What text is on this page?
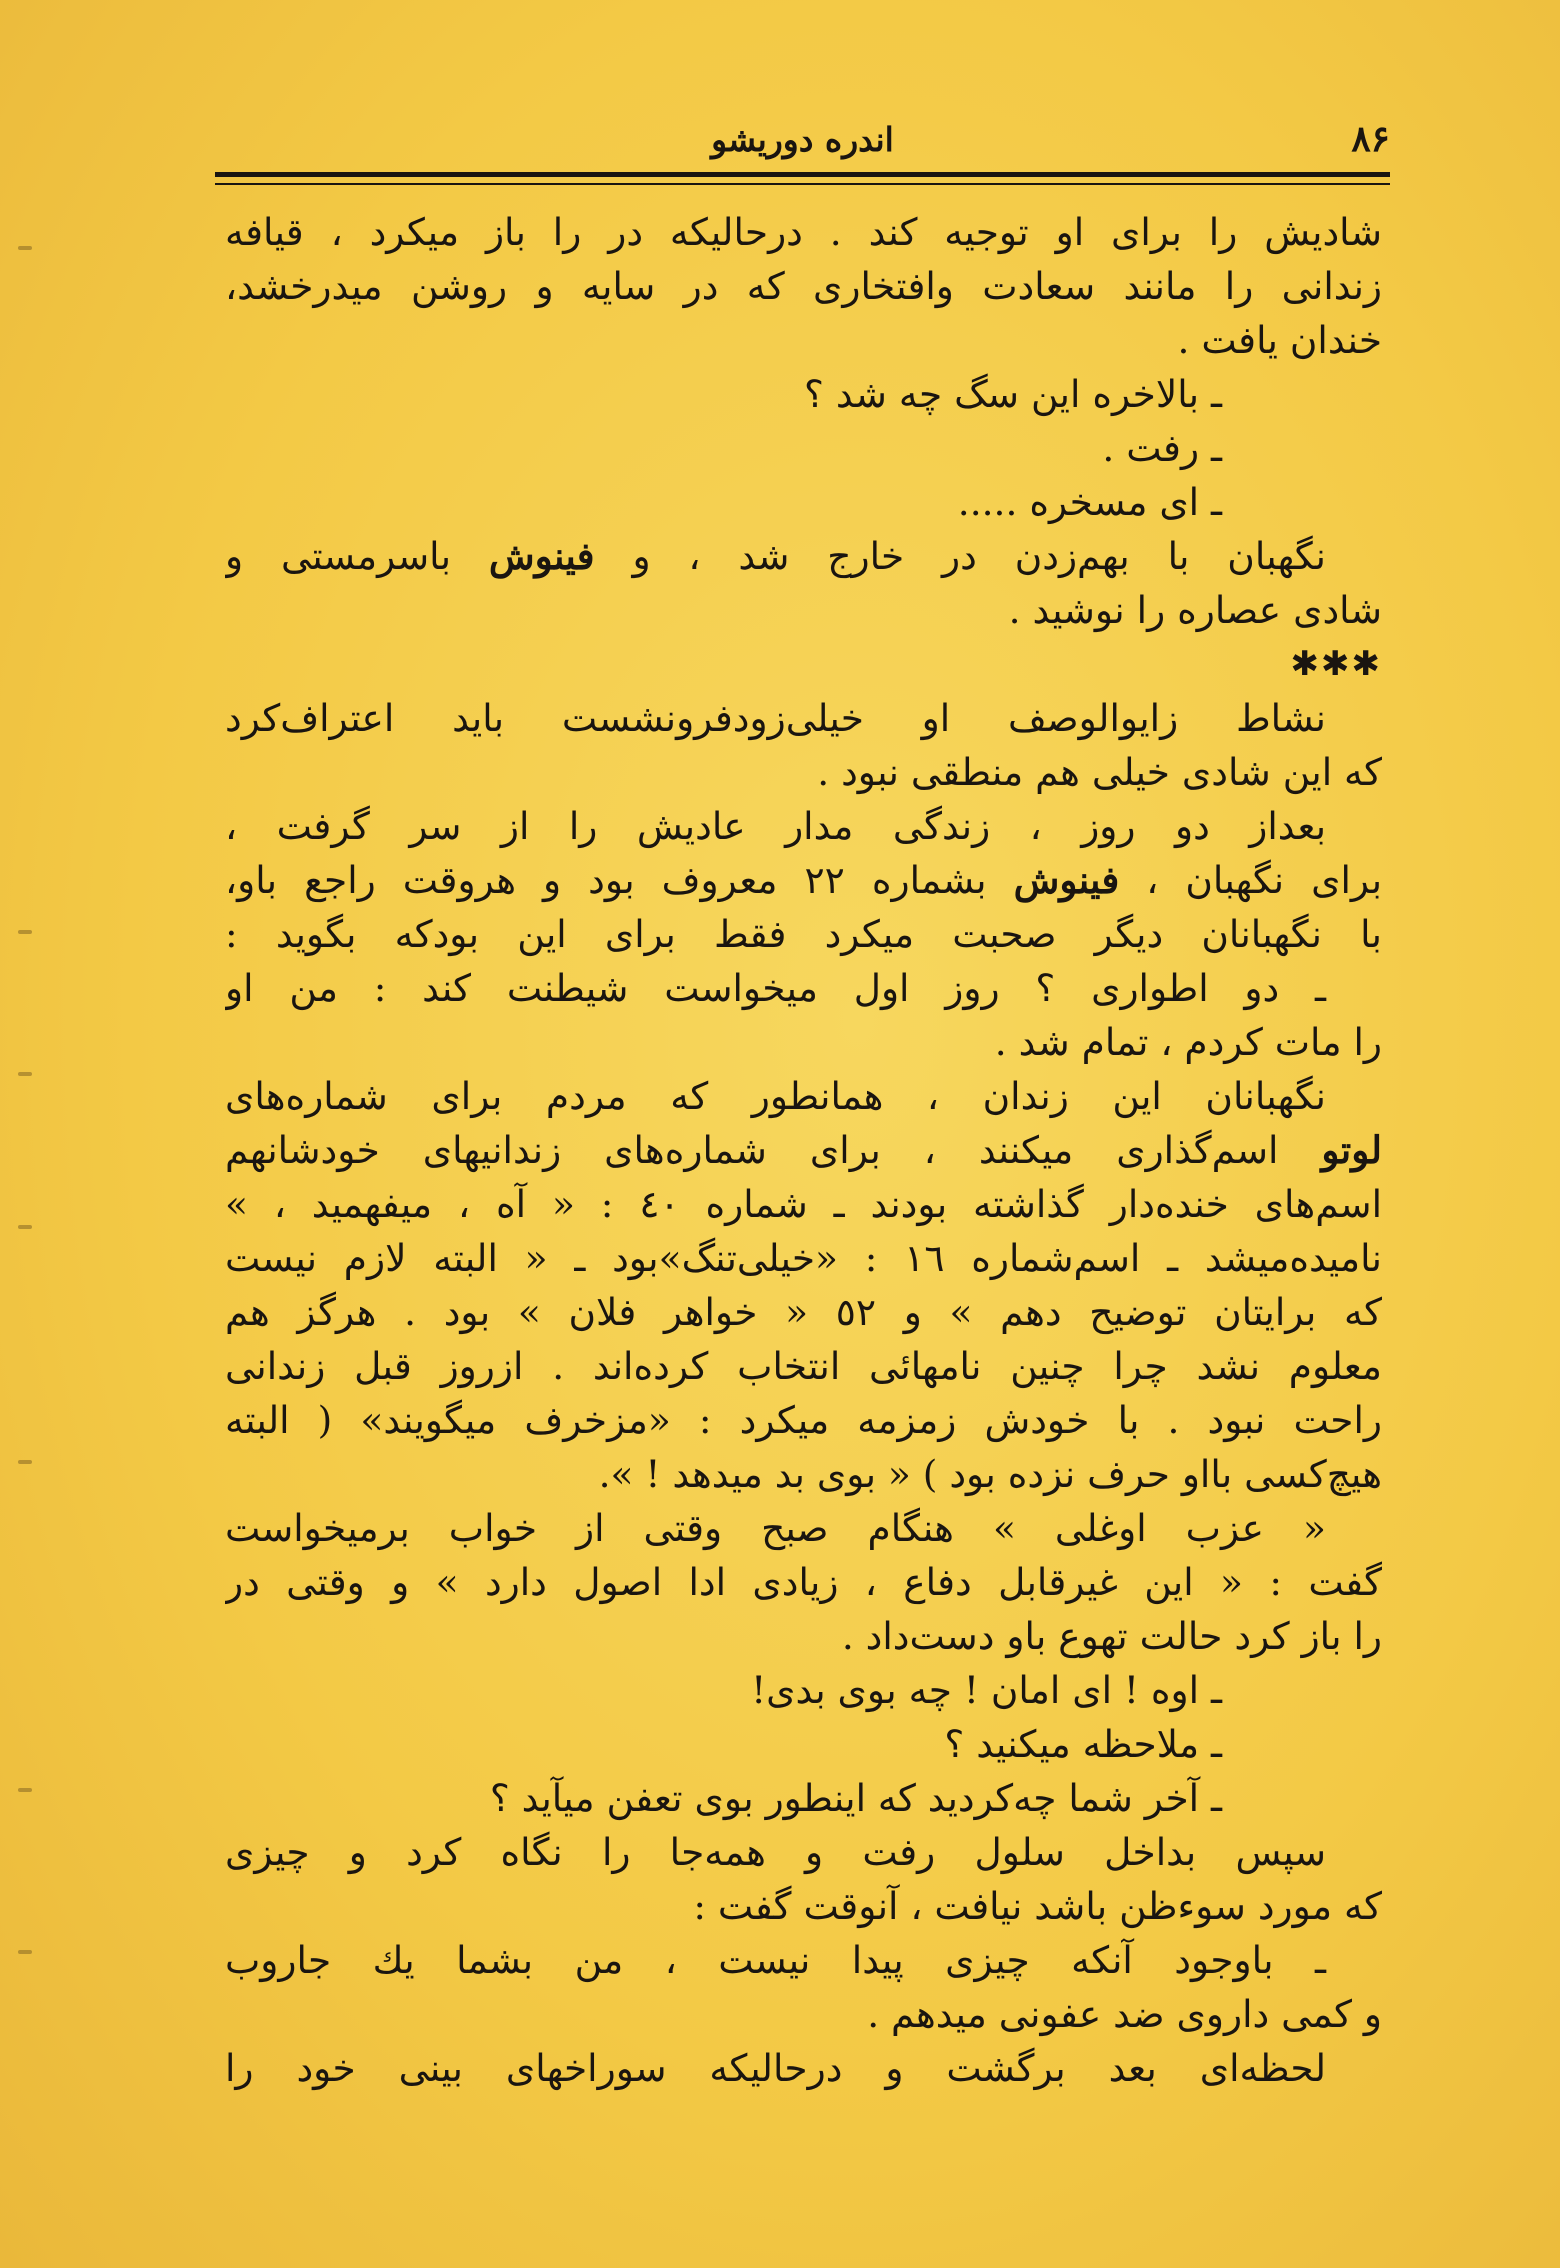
۸۶
اندره دوریشو
شادیش را برای او توجیه کند . درحالیکه در را باز میکرد ، قیافه
زندانی را مانند سعادت وافتخاری که در سایه و روشن میدرخشد،
خندان یافت .
ـ بالاخره این سگ چه شد ؟
ـ رفت .
ـ ای مسخره .....
نگهبان با بهم‌زدن در خارج شد ، و فینوش باسرمستی و
شادی عصاره را نوشید .
✱✱✱
نشاط زایوالوصف او خیلی‌زودفرونشست باید اعتراف‌کرد
که این شادی خیلی هم منطقی نبود .
بعداز دو روز ، زندگی مدار عادیش را از سر گرفت ،
برای نگهبان ، فینوش بشماره ۲۲ معروف بود و هروقت راجع باو،
با نگهبانان دیگر صحبت میکرد فقط برای این بودکه بگوید :
ـ دو اطواری ؟ روز اول میخواست شیطنت کند : من او
را مات کردم ، تمام شد .
نگهبانان این زندان ، همانطور که مردم برای شماره‌های
لوتو اسم‌گذاری میکنند ، برای شماره‌های زندانیهای خودشانهم
اسم‌های خنده‌دار گذاشته بودند ـ شماره ٤٠ : « آه ، میفهمید ، »
نامیده‌میشد ـ اسم‌شماره ١٦ : «خیلی‌تنگ»بود ـ « البته لازم نیست
که برایتان توضیح دهم » و ٥٢ « خواهر فلان » بود . هرگز هم
معلوم نشد چرا چنین نامهائی انتخاب کرده‌اند . ازروز قبل زندانی
راحت نبود . با خودش زمزمه میکرد : «مزخرف میگویند» ( البته
هیچ‌کسی بااو حرف نزده بود ) « بوی بد میدهد ! ».
« عزب اوغلی » هنگام صبح وقتی از خواب برمیخواست
گفت : « این غیرقابل دفاع ، زیادی ادا اصول دارد » و وقتی در
را باز کرد حالت تهوع باو دست‌داد .
ـ اوه ! ای امان ! چه بوی بدی!
ـ ملاحظه میکنید ؟
ـ آخر شما چه‌کردید که اینطور بوی تعفن میآید ؟
سپس بداخل سلول رفت و همه‌جا را نگاه کرد و چیزی
که مورد سوءظن باشد نیافت ، آنوقت گفت :
ـ باوجود آنکه چیزی پیدا نیست ، من بشما یك جاروب
و کمی داروی ضد عفونی میدهم .
لحظه‌ای بعد برگشت و درحالیکه سوراخهای بینی خود را
